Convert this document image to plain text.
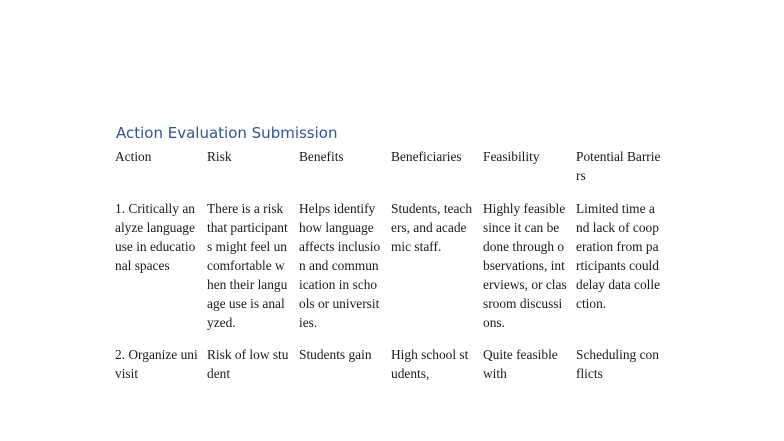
Action Evaluation Submission
Action	Risk	Benefits	Beneficiaries	Feasibility	Potential Barriers
1. Critically analyze language use in educational spaces	There is a risk that participants might feel uncomfortable when their language use is analyzed.	Helps identify how language affects inclusion and communication in schools or universities.	Students, teachers, and academic staff.	Highly feasible since it can be done through observations, interviews, or classroom discussions.	Limited time and lack of cooperation from participants could delay data collection.
2. Organize uni visit	Risk of low student	Students gain	High school students,	Quite feasible with	Scheduling conflicts
